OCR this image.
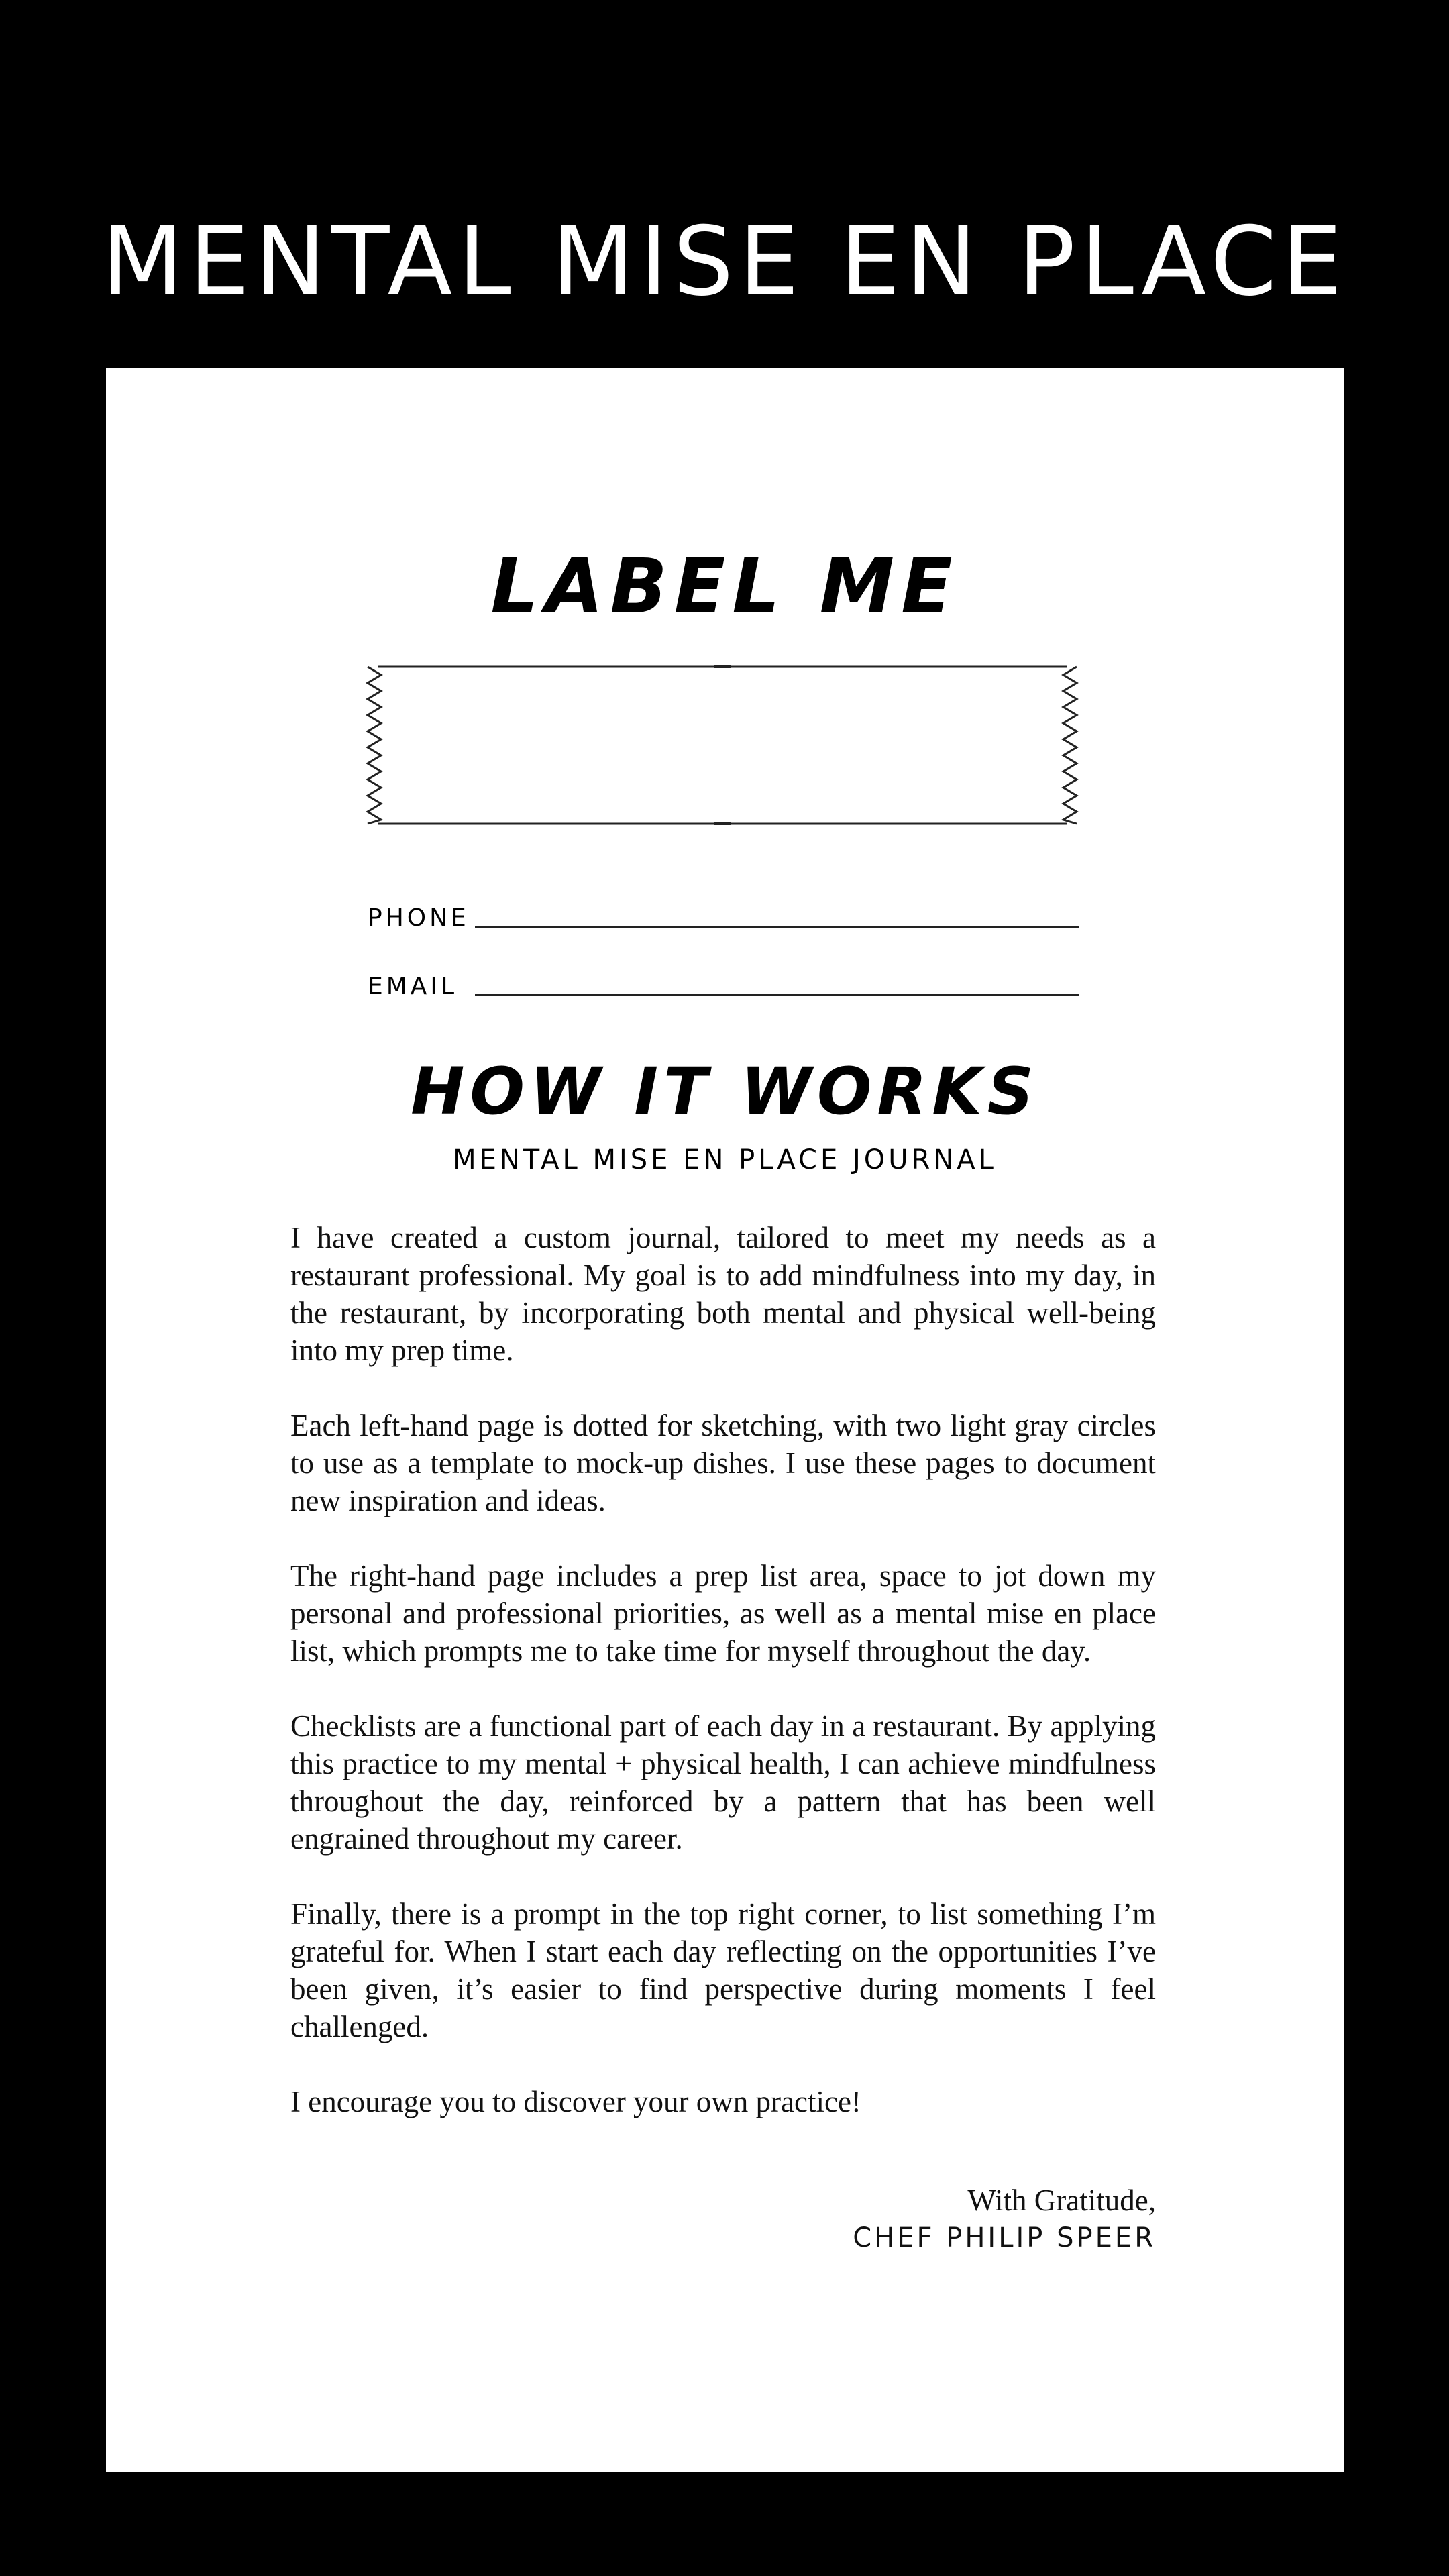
MENTAL MISE EN PLACE
LABEL ME
PHONE
EMAIL
HOW IT WORKS
MENTAL MISE EN PLACE JOURNAL

I have created a custom journal, tailored to meet my needs as a restaurant professional. My goal is to add mindfulness into my day, in the restaurant, by incorporating both mental and physical well-being into my prep time.

Each left-hand page is dotted for sketching, with two light gray circles to use as a template to mock-up dishes. I use these pages to document new inspiration and ideas.

The right-hand page includes a prep list area, space to jot down my personal and professional priorities, as well as a mental mise en place list, which prompts me to take time for myself throughout the day.

Checklists are a functional part of each day in a restaurant. By applying this practice to my mental + physical health, I can achieve mindfulness throughout the day, reinforced by a pattern that has been well engrained throughout my career.

Finally, there is a prompt in the top right corner, to list something I’m grateful for. When I start each day reflecting on the opportunities I’ve been given, it’s easier to find perspective during moments I feel challenged.

I encourage you to discover your own practice!

With Gratitude,
CHEF PHILIP SPEER
